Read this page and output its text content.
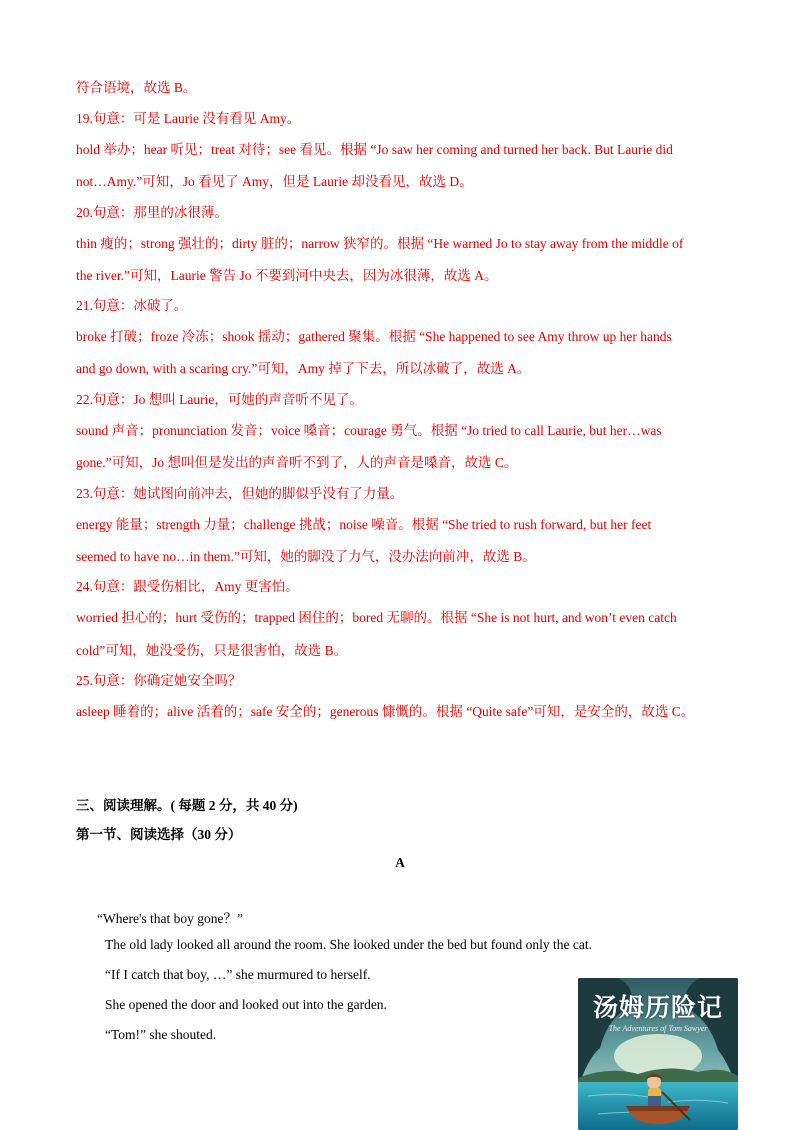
符合语境，故选 B。
19.句意：可是 Laurie 没有看见 Amy。
hold 举办；hear 听见；treat 对待；see 看见。根据 “Jo saw her coming and turned her back. But Laurie did
not…Amy.”可知，Jo 看见了 Amy，但是 Laurie 却没看见，故选 D。
20.句意：那里的冰很薄。
thin 瘦的；strong 强壮的；dirty 脏的；narrow 狭窄的。根据 “He warned Jo to stay away from the middle of
the river.”可知，Laurie 警告 Jo 不要到河中央去，因为冰很薄，故选 A。
21.句意：冰破了。
broke 打破；froze 冷冻；shook 摇动；gathered 聚集。根据 “She happened to see Amy throw up her hands
and go down, with a scaring cry.”可知，Amy 掉了下去，所以冰破了，故选 A。
22.句意：Jo 想叫 Laurie，可她的声音听不见了。
sound 声音；pronunciation 发音；voice 嗓音；courage 勇气。根据 “Jo tried to call Laurie, but her…was
gone.”可知，Jo 想叫但是发出的声音听不到了，人的声音是嗓音，故选 C。
23.句意：她试图向前冲去，但她的脚似乎没有了力量。
energy 能量；strength 力量；challenge 挑战；noise 噪音。根据 “She tried to rush forward, but her feet
seemed to have no…in them.”可知，她的脚没了力气，没办法向前冲，故选 B。
24.句意：跟受伤相比，Amy 更害怕。
worried 担心的；hurt 受伤的；trapped 困住的；bored 无聊的。根据 “She is not hurt, and won’t even catch
cold”可知，她没受伤，只是很害怕，故选 B。
25.句意：你确定她安全吗？
asleep 睡着的；alive 活着的；safe 安全的；generous 慷慨的。根据 “Quite safe”可知，是安全的，故选 C。
三、阅读理解。( 每题 2 分，共 40 分)
第一节、阅读选择（30 分）
A
“Where's that boy gone？”
The old lady looked all around the room. She looked under the bed but found only the cat.
“If I catch that boy, …” she murmured to herself.
She opened the door and looked out into the garden.
“Tom!” she shouted.
汤姆历险记
The Adventures of Tom Sawyer
